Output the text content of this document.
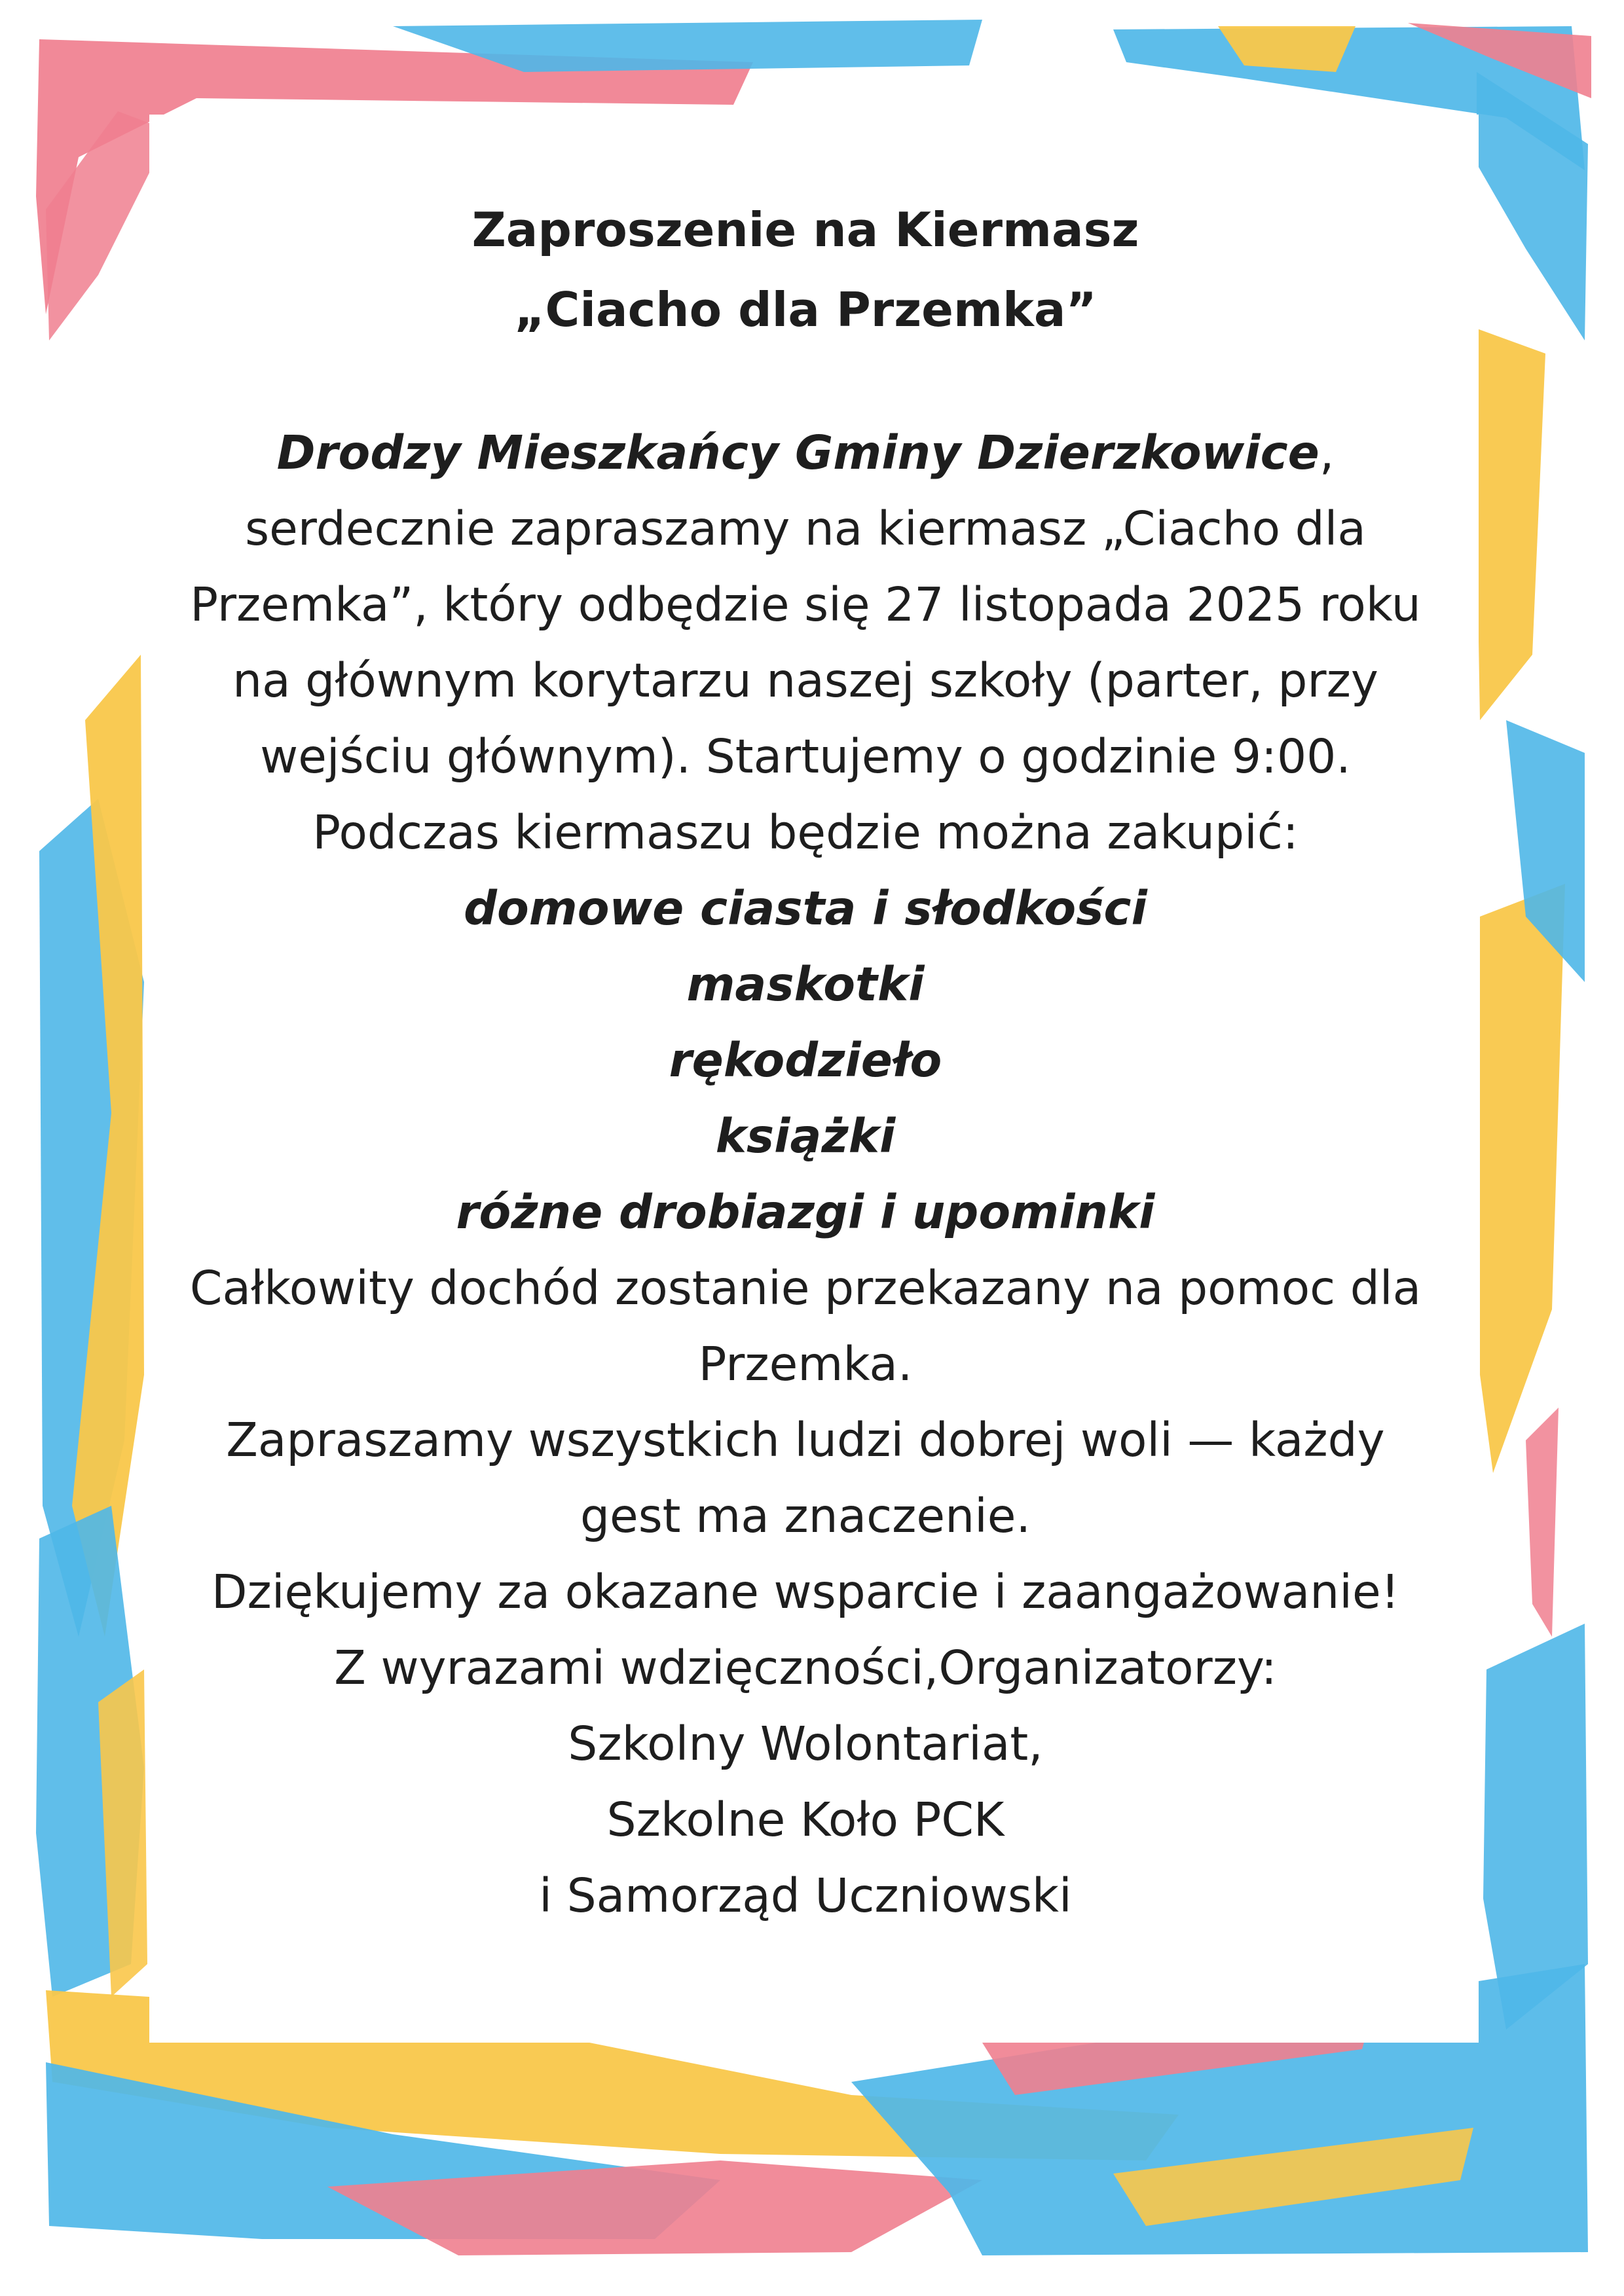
Zaproszenie na Kiermasz
„Ciacho dla Przemka”
Drodzy Mieszkańcy Gminy Dzierzkowice,
serdecznie zapraszamy na kiermasz „Ciacho dla
Przemka”, który odbędzie się 27 listopada 2025 roku
na głównym korytarzu naszej szkoły (parter, przy
wejściu głównym). Startujemy o godzinie 9:00.
Podczas kiermaszu będzie można zakupić:
domowe ciasta i słodkości
maskotki
rękodzieło
książki
różne drobiazgi i upominki
Całkowity dochód zostanie przekazany na pomoc dla
Przemka.
Zapraszamy wszystkich ludzi dobrej woli — każdy
gest ma znaczenie.
Dziękujemy za okazane wsparcie i zaangażowanie!
Z wyrazami wdzięczności,Organizatorzy:
Szkolny Wolontariat,
Szkolne Koło PCK
i Samorząd Uczniowski
